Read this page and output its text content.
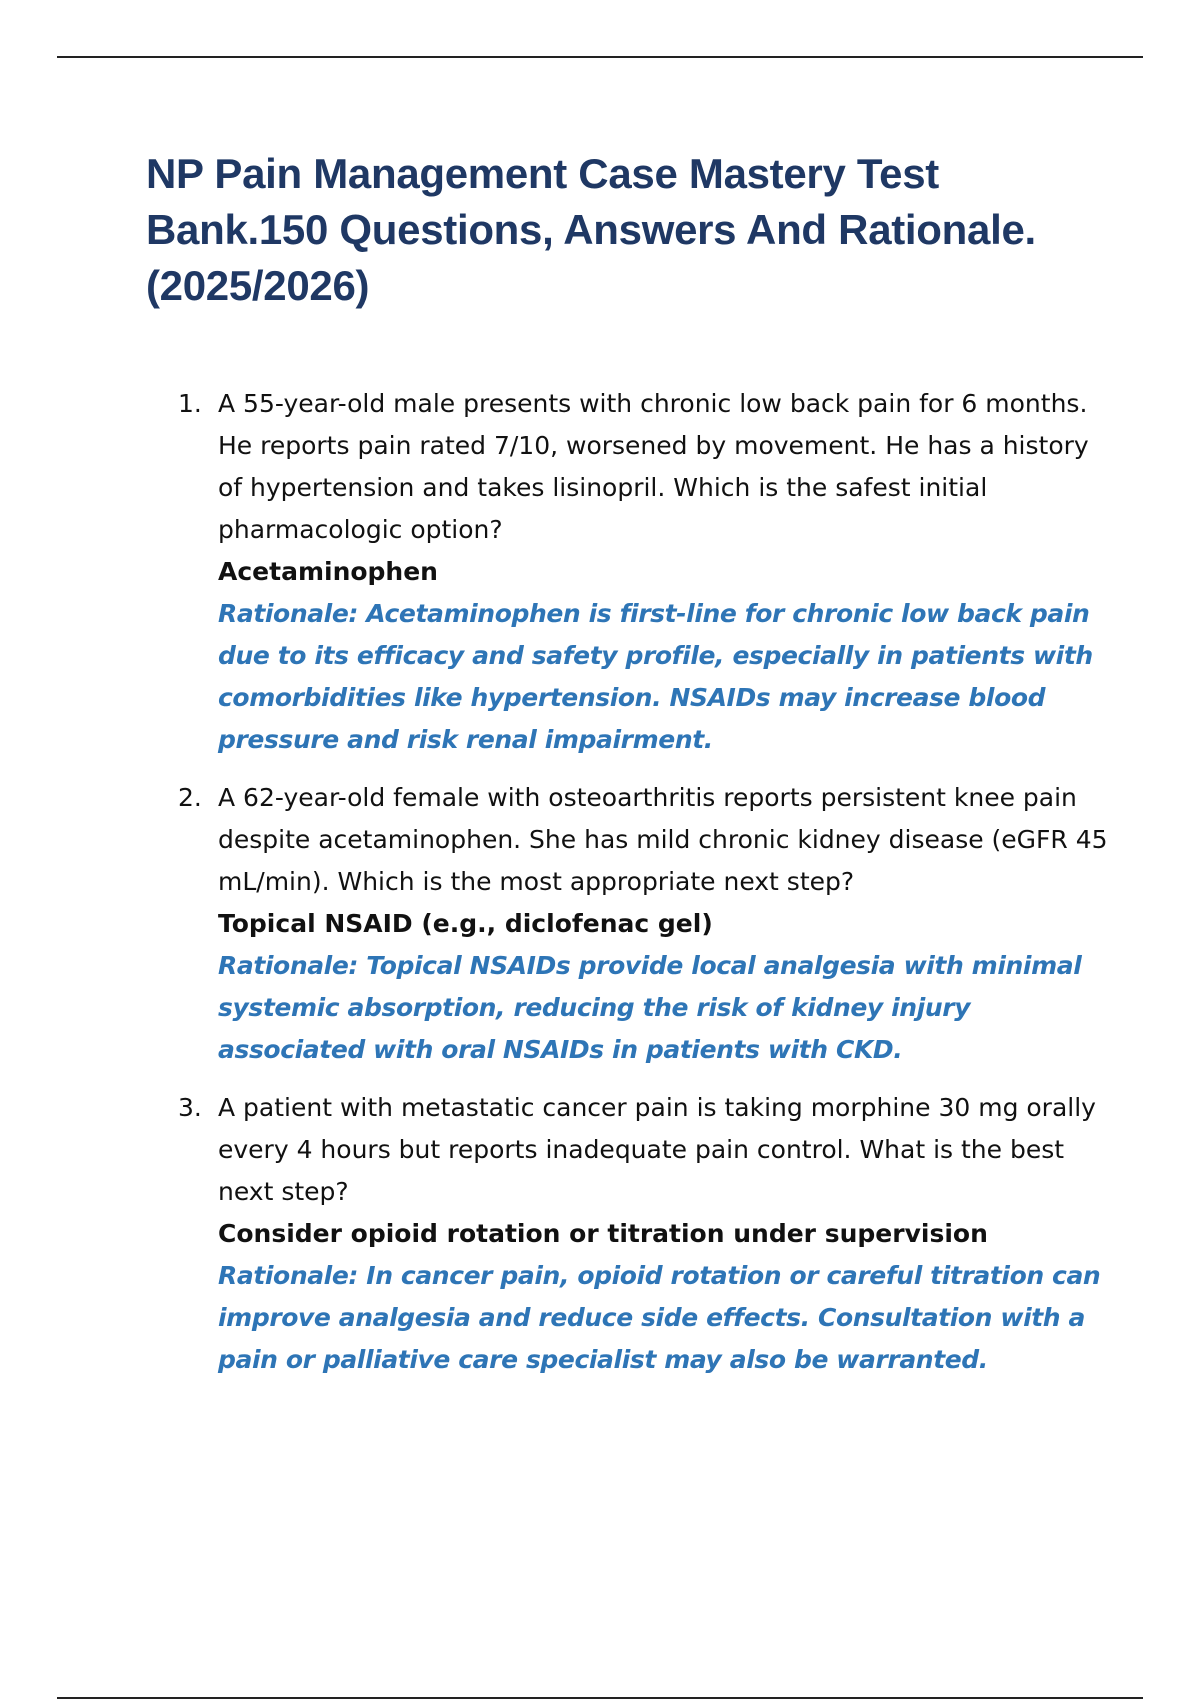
NP Pain Management Case Mastery Test Bank.150 Questions, Answers And Rationale. (2025/2026)
1. A 55-year-old male presents with chronic low back pain for 6 months. He reports pain rated 7/10, worsened by movement. He has a history of hypertension and takes lisinopril. Which is the safest initial pharmacologic option?

Acetaminophen

Rationale: Acetaminophen is first-line for chronic low back pain due to its efficacy and safety profile, especially in patients with comorbidities like hypertension. NSAIDs may increase blood pressure and risk renal impairment.

2. A 62-year-old female with osteoarthritis reports persistent knee pain despite acetaminophen. She has mild chronic kidney disease (eGFR 45 mL/min). Which is the most appropriate next step?

Topical NSAID (e.g., diclofenac gel)

Rationale: Topical NSAIDs provide local analgesia with minimal systemic absorption, reducing the risk of kidney injury associated with oral NSAIDs in patients with CKD.

3. A patient with metastatic cancer pain is taking morphine 30 mg orally every 4 hours but reports inadequate pain control. What is the best next step?

Consider opioid rotation or titration under supervision

Rationale: In cancer pain, opioid rotation or careful titration can improve analgesia and reduce side effects. Consultation with a pain or palliative care specialist may also be warranted.
